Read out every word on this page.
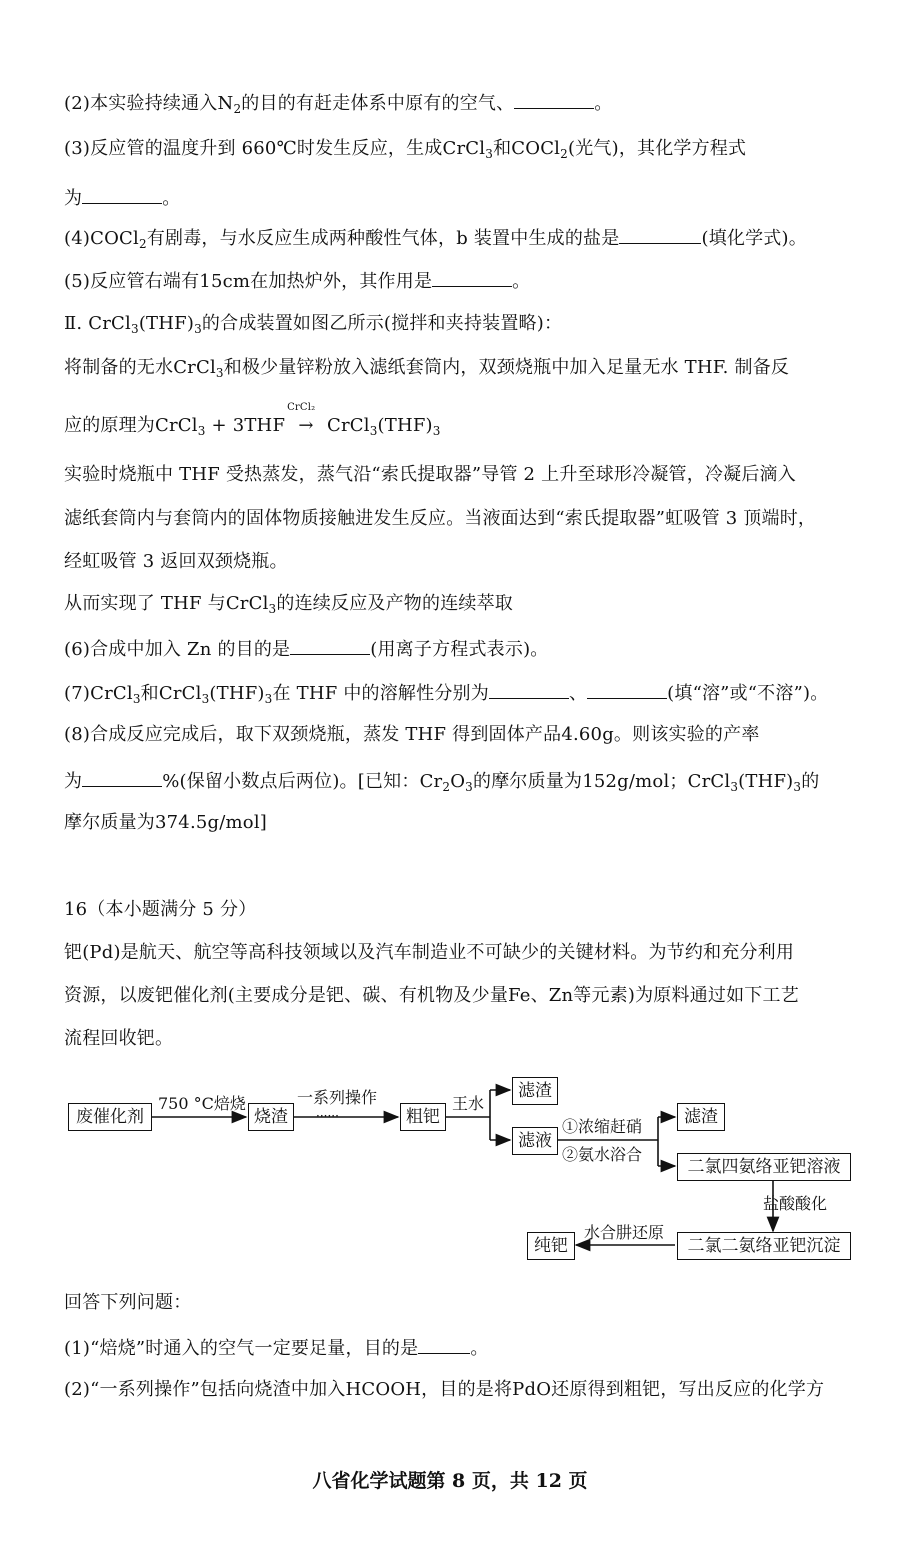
(2)本实验持续通入$N_2$的目的有赶走体系中原有的空气、	。
(3)反应管的温度升到 660℃时发生反应，生成CrCl$_3$和COCl$_2$(光气)，其化学方程式
为	。
(4)COCl$_2$有剧毒，与水反应生成两种酸性气体，b 装置中生成的盐是	(填化学式)。
(5)反应管右端有15cm在加热炉外，其作用是	。
Ⅱ. $CrCl_3(THF)_3$的合成装置如图乙所示(搅拌和夹持装置略)：
将制备的无水CrCl$_3$和极少量锌粉放入滤纸套筒内，双颈烧瓶中加入足量无水 THF. 制备反
应的原理为CrCl$_3$ + 3THF
CrCl₂
→ $CrCl_3(THF)_3$
实验时烧瓶中 THF 受热蒸发，蒸气沿“索氏提取器”导管 2 上升至球形冷凝管，冷凝后滴入
滤纸套筒内与套筒内的固体物质接触进发生反应。当液面达到“索氏提取器”虹吸管 3 顶端时，
经虹吸管 3 返回双颈烧瓶。
从而实现了 THF 与CrCl$_3$的连续反应及产物的连续萃取
(6)合成中加入 Zn 的目的是	(用离子方程式表示)。
(7)CrCl$_3$和$CrCl_3(THF)_3$在 THF 中的溶解性分别为	、	(填“溶”或“不溶”)。
(8)合成反应完成后，取下双颈烧瓶，蒸发 THF 得到固体产品4.60g。则该实验的产率
为	%(保留小数点后两位)。[已知：$Cr_2O_3$的摩尔质量为152g/mol；$CrCl_3(THF)_3$的
摩尔质量为374.5g/mol]
16（本小题满分 5 分）
钯(Pd)是航天、航空等高科技领域以及汽车制造业不可缺少的关键材料。为节约和充分利用
资源，以废钯催化剂(主要成分是钯、碳、有机物及少量Fe、Zn等元素)为原料通过如下工艺
流程回收钯。
废催化剂
750 °C焙烧
烧渣
一系列操作
······	粗钯
王水
滤渣
滤液
①浓缩赶硝
②氨水浴合
滤渣
二氯四氨络亚钯溶液
盐酸酸化
二氯二氨络亚钯沉淀
水合肼还原
纯钯
回答下列问题：
(1)“焙烧”时通入的空气一定要足量，目的是	。
(2)“一系列操作”包括向烧渣中加入HCOOH，目的是将PdO还原得到粗钯，写出反应的化学方
八省化学试题第 8 页，共 12 页
